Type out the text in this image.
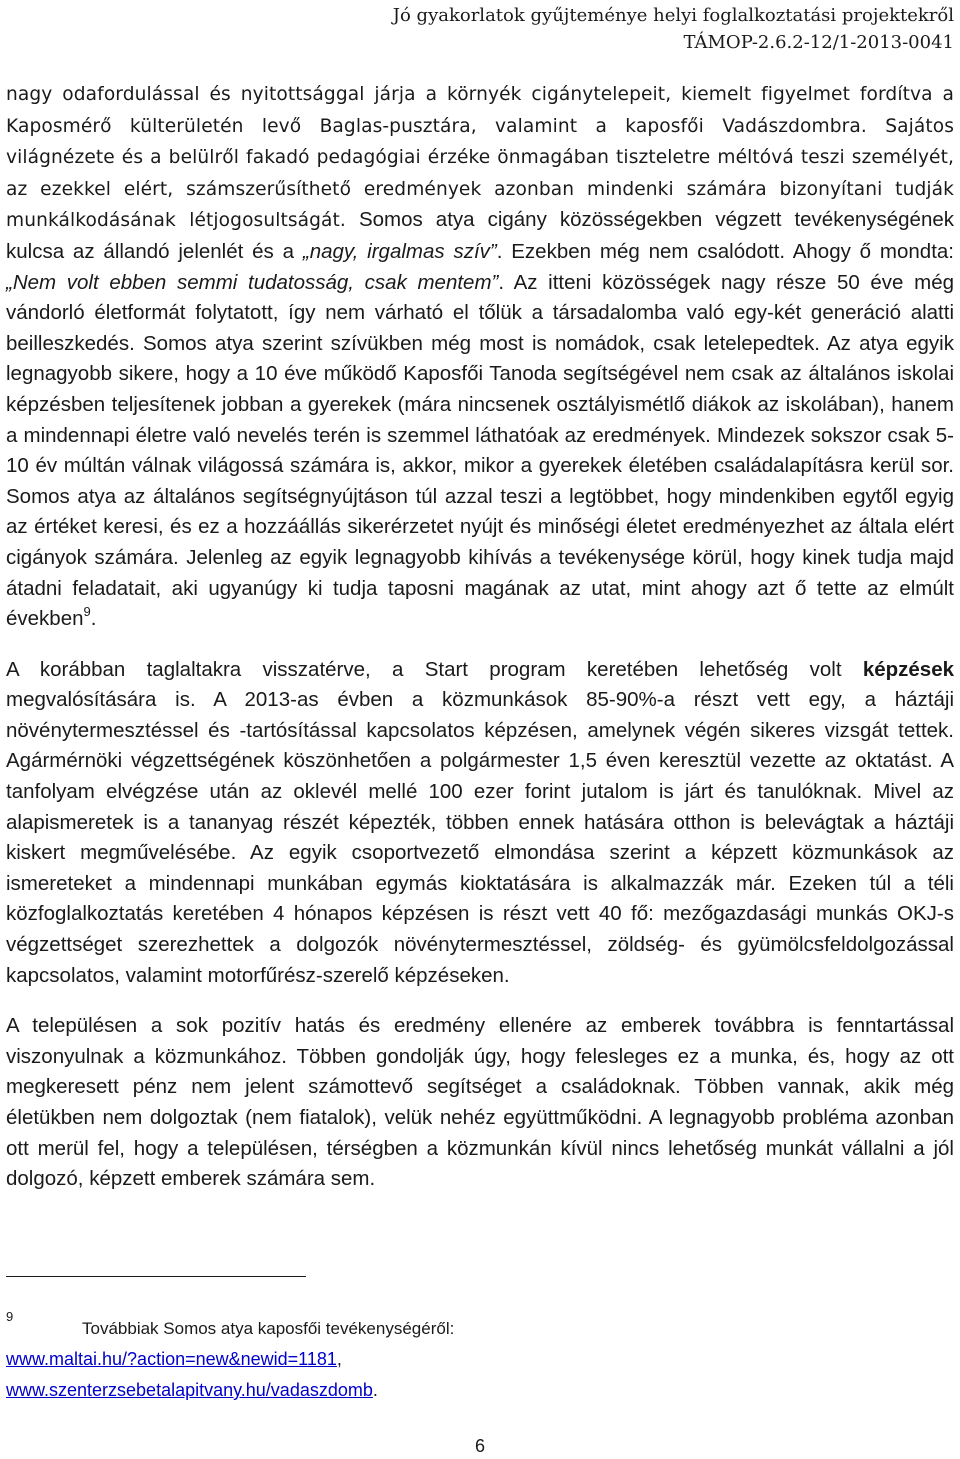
Jó gyakorlatok gyűjteménye helyi foglalkoztatási projektekről
TÁMOP-2.6.2-12/1-2013-0041

nagy odafordulással és nyitottsággal járja a környék cigánytelepeit, kiemelt figyelmet fordítva a Kaposmérő külterületén levő Baglas-pusztára, valamint a kaposfői Vadászdombra. Sajátos világnézete és a belülről fakadó pedagógiai érzéke önmagában tiszteletre méltóvá teszi személyét, az ezekkel elért, számszerűsíthető eredmények azonban mindenki számára bizonyítani tudják munkálkodásának létjogosultságát. Somos atya cigány közösségekben végzett tevékenységének kulcsa az állandó jelenlét és a „nagy, irgalmas szív”. Ezekben még nem csalódott. Ahogy ő mondta: „Nem volt ebben semmi tudatosság, csak mentem”. Az itteni közösségek nagy része 50 éve még vándorló életformát folytatott, így nem várható el tőlük a társadalomba való egy-két generáció alatti beilleszkedés. Somos atya szerint szívükben még most is nomádok, csak letelepedtek. Az atya egyik legnagyobb sikere, hogy a 10 éve működő Kaposfői Tanoda segítségével nem csak az általános iskolai képzésben teljesítenek jobban a gyerekek (mára nincsenek osztályismétlő diákok az iskolában), hanem a mindennapi életre való nevelés terén is szemmel láthatóak az eredmények. Mindezek sokszor csak 5-10 év múltán válnak világossá számára is, akkor, mikor a gyerekek életében családalapításra kerül sor. Somos atya az általános segítségnyújtáson túl azzal teszi a legtöbbet, hogy mindenkiben egytől egyig az értéket keresi, és ez a hozzáállás sikerérzetet nyújt és minőségi életet eredményezhet az általa elért cigányok számára. Jelenleg az egyik legnagyobb kihívás a tevékenysége körül, hogy kinek tudja majd átadni feladatait, aki ugyanúgy ki tudja taposni magának az utat, mint ahogy azt ő tette az elmúlt években$^9$.

A korábban taglaltakra visszatérve, a Start program keretében lehetőség volt képzések megvalósítására is. A 2013-as évben a közmunkások 85-90%-a részt vett egy, a háztáji növénytermesztéssel és -tartósítással kapcsolatos képzésen, amelynek végén sikeres vizsgát tettek. Agármérnöki végzettségének köszönhetően a polgármester 1,5 éven keresztül vezette az oktatást. A tanfolyam elvégzése után az oklevél mellé 100 ezer forint jutalom is járt és tanulóknak. Mivel az alapismeretek is a tananyag részét képezték, többen ennek hatására otthon is belevágtak a háztáji kiskert megművelésébe. Az egyik csoportvezető elmondása szerint a képzett közmunkások az ismereteket a mindennapi munkában egymás kioktatására is alkalmazzák már. Ezeken túl a téli közfoglalkoztatás keretében 4 hónapos képzésen is részt vett 40 fő: mezőgazdasági munkás OKJ-s végzettséget szerezhettek a dolgozók növénytermesztéssel, zöldség- és gyümölcsfeldolgozással kapcsolatos, valamint motorfűrész-szerelő képzéseken.

A településen a sok pozitív hatás és eredmény ellenére az emberek továbbra is fenntartással viszonyulnak a közmunkához. Többen gondolják úgy, hogy felesleges ez a munka, és, hogy az ott megkeresett pénz nem jelent számottevő segítséget a családoknak. Többen vannak, akik még életükben nem dolgoztak (nem fiatalok), velük nehéz együttműködni. A legnagyobb probléma azonban ott merül fel, hogy a településen, térségben a közmunkán kívül nincs lehetőség munkát vállalni a jól dolgozó, képzett emberek számára sem.

9
Továbbiak Somos atya kaposfői tevékenységéről:
www.maltai.hu/?action=new&newid=1181,
www.szenterzsebetalapitvany.hu/vadaszdomb.
6
